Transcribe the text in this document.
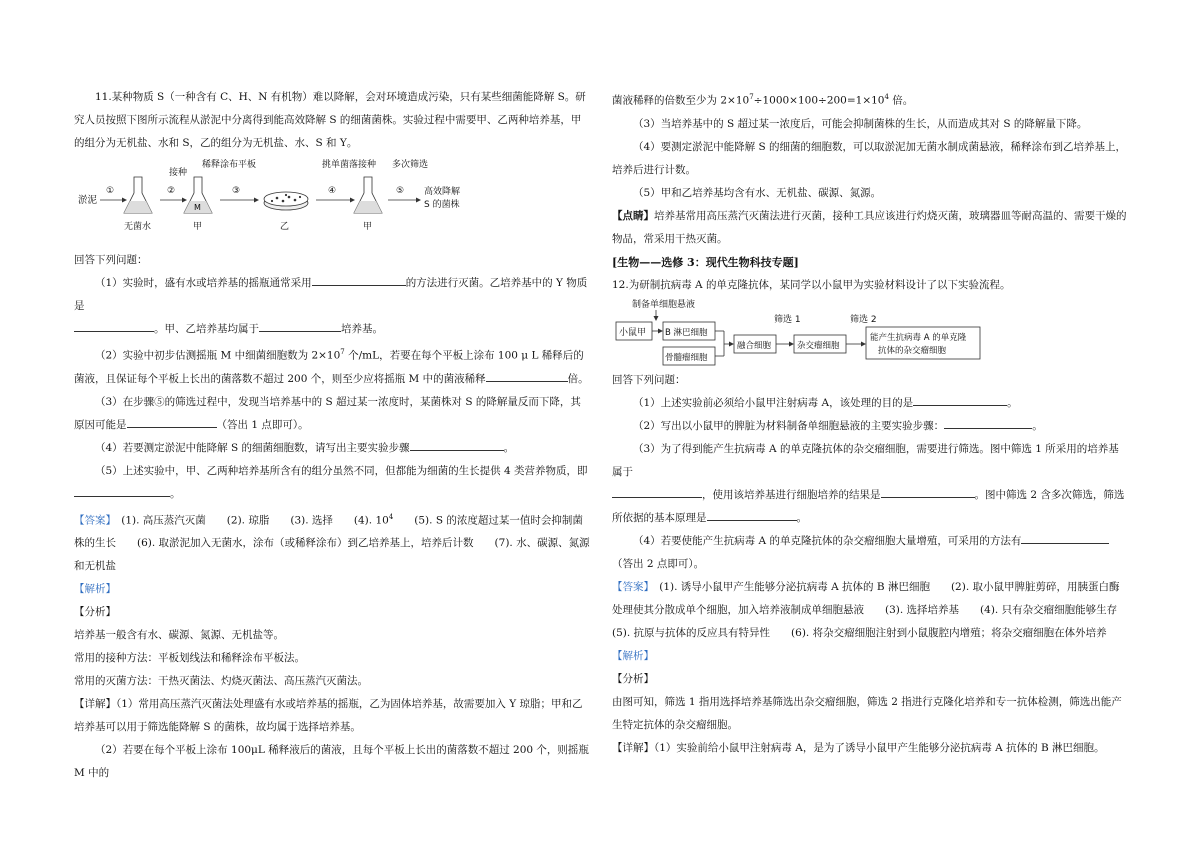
11.某种物质 S（一种含有 C、H、N 有机物）难以降解，会对环境造成污染，只有某些细菌能降解 S。研究人员按照下图所示流程从淤泥中分离得到能高效降解 S 的细菌菌株。实验过程中需要甲、乙两种培养基，甲的组分为无机盐、水和 S，乙的组分为无机盐、水、S 和 Y。

淤泥
①
无菌水
接种
②
M
甲
稀释涂布平板
③
乙
挑单菌落接种
④
甲
多次筛选
⑤ 高效降解
S 的菌株

回答下列问题：

（1）实验时，盛有水或培养基的摇瓶通常采用	的方法进行灭菌。乙培养基中的 Y 物质是
。甲、乙培养基均属于	培养基。

（2）实验中初步估测摇瓶 M 中细菌细胞数为 $2\times 10^7$ 个/mL，若要在每个平板上涂布 100 μ L 稀释后的菌液，且保证每个平板上长出的菌落数不超过 200 个，则至少应将摇瓶 M 中的菌液稀释	倍。

（3）在步骤⑤的筛选过程中，发现当培养基中的 S 超过某一浓度时，某菌株对 S 的降解量反而下降，其原因可能是	（答出 1 点即可）。

（4）若要测定淤泥中能降解 S 的细菌细胞数，请写出主要实验步骤	。

（5）上述实验中，甲、乙两种培养基所含有的组分虽然不同，但都能为细菌的生长提供 4 类营养物质，即
。

【答案】　 (1). 高压蒸汽灭菌　　(2). 琼脂　　(3). 选择　　(4). $10^4$　　(5). S 的浓度超过某一值时会抑制菌株的生长　　(6). 取淤泥加入无菌水，涂布（或稀释涂布）到乙培养基上，培养后计数　　(7). 水、碳源、氮源和无机盐

【解析】

【分析】

培养基一般含有水、碳源、氮源、无机盐等。

常用的接种方法：平板划线法和稀释涂布平板法。

常用的灭菌方法：干热灭菌法、灼烧灭菌法、高压蒸汽灭菌法。

【详解】（1）常用高压蒸汽灭菌法处理盛有水或培养基的摇瓶，乙为固体培养基，故需要加入 Y 琼脂；甲和乙培养基可以用于筛选能降解 S 的菌株，故均属于选择培养基。

（2）若要在每个平板上涂布 100μL 稀释液后的菌液，且每个平板上长出的菌落数不超过 200 个，则摇瓶 M 中的

菌液稀释的倍数至少为 $2\times 10^7\div 1000\times 100\div 200=1\times 10^4$ 倍。

（3）当培养基中的 S 超过某一浓度后，可能会抑制菌株的生长，从而造成其对 S 的降解量下降。

（4）要测定淤泥中能降解 S 的细菌的细胞数，可以取淤泥加无菌水制成菌悬液，稀释涂布到乙培养基上，培养后进行计数。

（5）甲和乙培养基均含有水、无机盐、碳源、氮源。

【点睛】培养基常用高压蒸汽灭菌法进行灭菌，接种工具应该进行灼烧灭菌，玻璃器皿等耐高温的、需要干燥的物品，常采用干热灭菌。

[生物——选修 3：现代生物科技专题]

12.为研制抗病毒 A 的单克隆抗体，某同学以小鼠甲为实验材料设计了以下实验流程。

制备单细胞悬液
小鼠甲 B 淋巴细胞
骨髓瘤细胞
融合细胞
筛选 1
杂交瘤细胞
筛选 2
能产生抗病毒 A 的单克隆
抗体的杂交瘤细胞

回答下列问题：

（1）上述实验前必须给小鼠甲注射病毒 A，该处理的目的是	。

（2）写出以小鼠甲的脾脏为材料制备单细胞悬液的主要实验步骤：	。

（3）为了得到能产生抗病毒 A 的单克隆抗体的杂交瘤细胞，需要进行筛选。图中筛选 1 所采用的培养基属于
，使用该培养基进行细胞培养的结果是	。图中筛选 2 含多次筛选，筛选所依据的基本原理是	。

（4）若要使能产生抗病毒 A 的单克隆抗体的杂交瘤细胞大量增殖，可采用的方法有（答出 2 点即可）。

【答案】　 (1). 诱导小鼠甲产生能够分泌抗病毒 A 抗体的 B 淋巴细胞　　(2). 取小鼠甲脾脏剪碎，用胰蛋白酶处理使其分散成单个细胞，加入培养液制成单细胞悬液　　(3). 选择培养基　　(4). 只有杂交瘤细胞能够生存　(5). 抗原与抗体的反应具有特异性　　(6). 将杂交瘤细胞注射到小鼠腹腔内增殖；将杂交瘤细胞在体外培养

【解析】

【分析】

由图可知，筛选 1 指用选择培养基筛选出杂交瘤细胞，筛选 2 指进行克隆化培养和专一抗体检测，筛选出能产生特定抗体的杂交瘤细胞。

【详解】（1）实验前给小鼠甲注射病毒 A，是为了诱导小鼠甲产生能够分泌抗病毒 A 抗体的 B 淋巴细胞。
